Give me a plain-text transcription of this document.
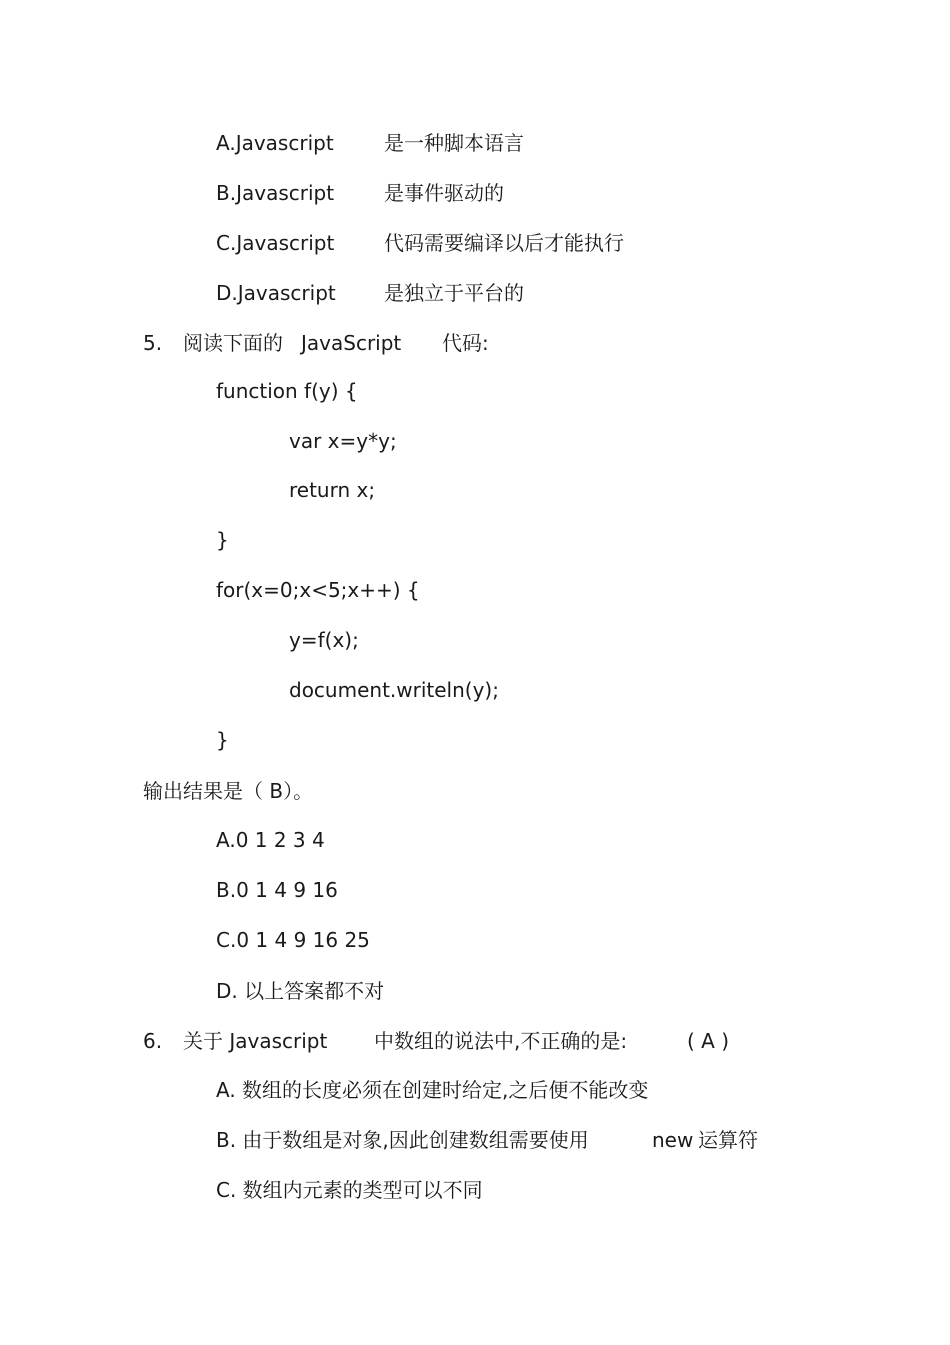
A.Javascript	是一种脚本语言
B.Javascript 是事件驱动的
C.Javascript 代码需要编译以后才能执行
D.Javascript 是独立于平台的
5. 阅读下面的 JavaScript 代码:
function f(y) {
var x=y*y;
return x;
}
for(x=0;x<5;x++) {
y=f(x);
document.writeln(y);
}
输出结果是（ B）。
A.0 1 2 3 4
B.0 1 4 9 16
C.0 1 4 9 16 25
D. 以上答案都不对
6. 关于 Javascript 中数组的说法中,不正确的是:	( A )
A. 数组的长度必须在创建时给定,之后便不能改变
B. 由于数组是对象,因此创建数组需要使用	new 运算符
C. 数组内元素的类型可以不同
